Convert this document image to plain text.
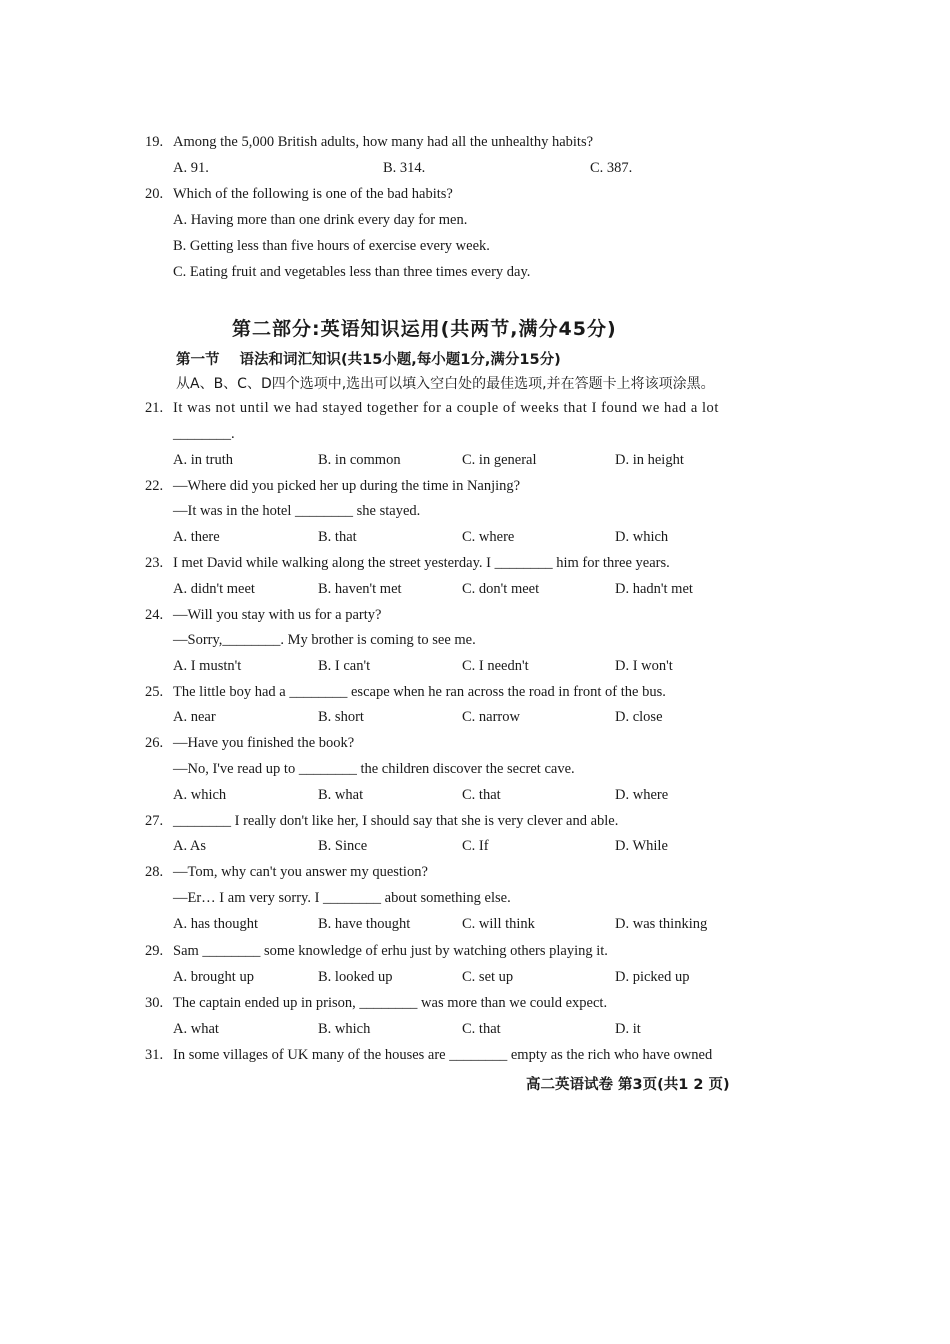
19. Among the 5,000 British adults, how many had all the unhealthy habits?
A. 91.	B. 314.	C. 387.
20. Which of the following is one of the bad habits?
A. Having more than one drink every day for men.
B. Getting less than five hours of exercise every week.
C. Eating fruit and vegetables less than three times every day.
第二部分:英语知识运用(共两节,满分45分)
第一节 语法和词汇知识(共15小题,每小题1分,满分15分)
从A、B、C、D四个选项中,选出可以填入空白处的最佳选项,并在答题卡上将该项涂黑。
21. It was not until we had stayed together for a couple of weeks that I found we had a lot
________.
A. in truth	B. in common	C. in general	D. in height
22. —Where did you picked her up during the time in Nanjing?
—It was in the hotel ________ she stayed.
A. there	B. that	C. where	D. which
23. I met David while walking along the street yesterday. I ________ him for three years.
A. didn't meet	B. haven't met	C. don't meet	D. hadn't met
24. —Will you stay with us for a party?
—Sorry,________. My brother is coming to see me.
A. I mustn't	B. I can't	C. I needn't	D. I won't
25. The little boy had a ________ escape when he ran across the road in front of the bus.
A. near	B. short	C. narrow	D. close
26. —Have you finished the book?
—No, I've read up to ________ the children discover the secret cave.
A. which	B. what	C. that	D. where
27. ________ I really don't like her, I should say that she is very clever and able.
A. As	B. Since	C. If	D. While
28. —Tom, why can't you answer my question?
—Er… I am very sorry. I ________ about something else.
A. has thought	B. have thought	C. will think	D. was thinking
29. Sam ________ some knowledge of erhu just by watching others playing it.
A. brought up	B. looked up	C. set up	D. picked up
30. The captain ended up in prison, ________ was more than we could expect.
A. what	B. which	C. that	D. it
31. In some villages of UK many of the houses are ________ empty as the rich who have owned
高二英语试卷 第3页(共1 2 页)
